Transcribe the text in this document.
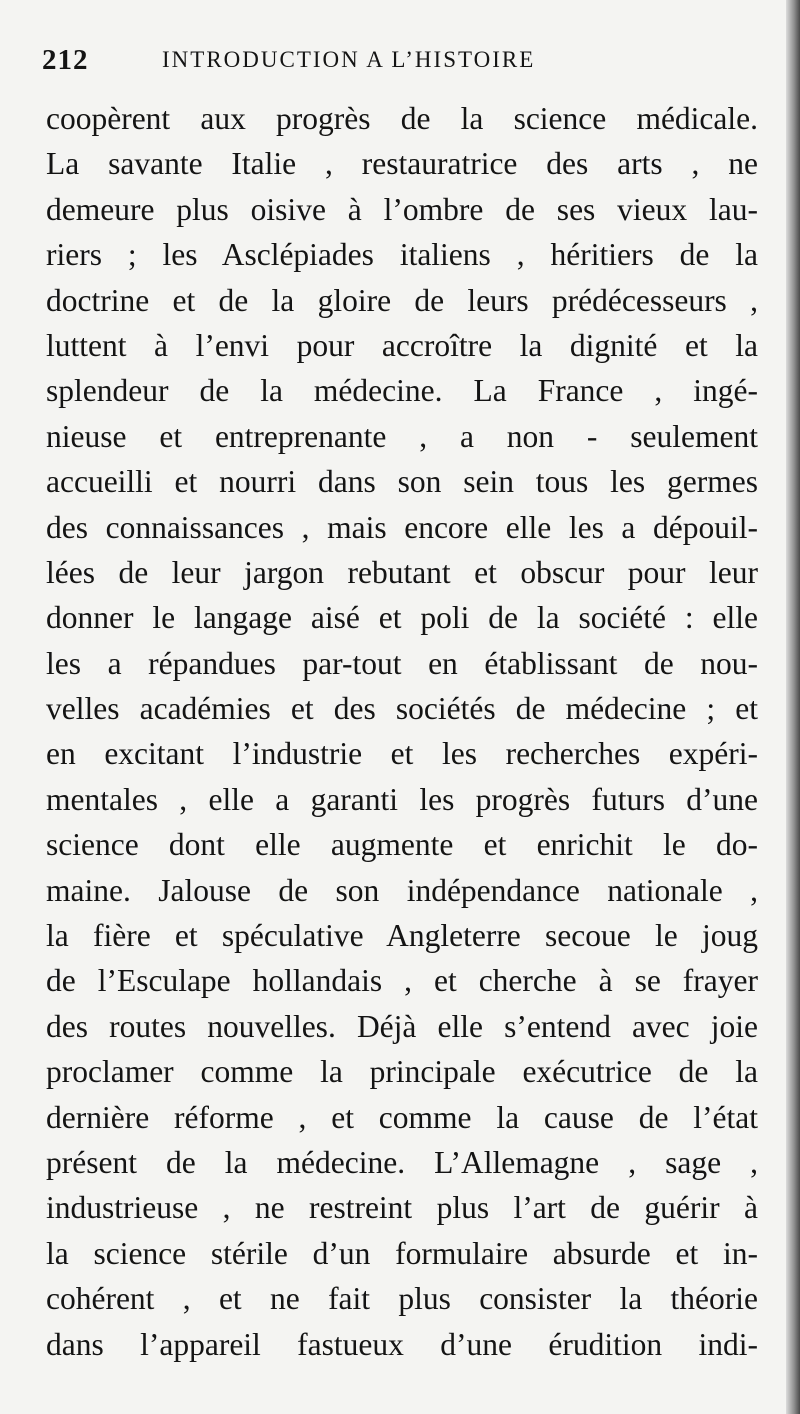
212	INTRODUCTION A L’HISTOIRE
coopèrent aux progrès de la science médicale.
La savante Italie , restauratrice des arts , ne
demeure plus oisive à l’ombre de ses vieux lau-
riers ; les Asclépiades italiens , héritiers de la
doctrine et de la gloire de leurs prédécesseurs ,
luttent à l’envi pour accroître la dignité et la
splendeur de la médecine. La France , ingé-
nieuse et entreprenante , a non - seulement
accueilli et nourri dans son sein tous les germes
des connaissances , mais encore elle les a dépouil-
lées de leur jargon rebutant et obscur pour leur
donner le langage aisé et poli de la société : elle
les a répandues par-tout en établissant de nou-
velles académies et des sociétés de médecine ; et
en excitant l’industrie et les recherches expéri-
mentales , elle a garanti les progrès futurs d’une
science dont elle augmente et enrichit le do-
maine. Jalouse de son indépendance nationale ,
la fière et spéculative Angleterre secoue le joug
de l’Esculape hollandais , et cherche à se frayer
des routes nouvelles. Déjà elle s’entend avec joie
proclamer comme la principale exécutrice de la
dernière réforme , et comme la cause de l’état
présent de la médecine. L’Allemagne , sage ,
industrieuse , ne restreint plus l’art de guérir à
la science stérile d’un formulaire absurde et in-
cohérent , et ne fait plus consister la théorie
dans l’appareil fastueux d’une érudition indi-
